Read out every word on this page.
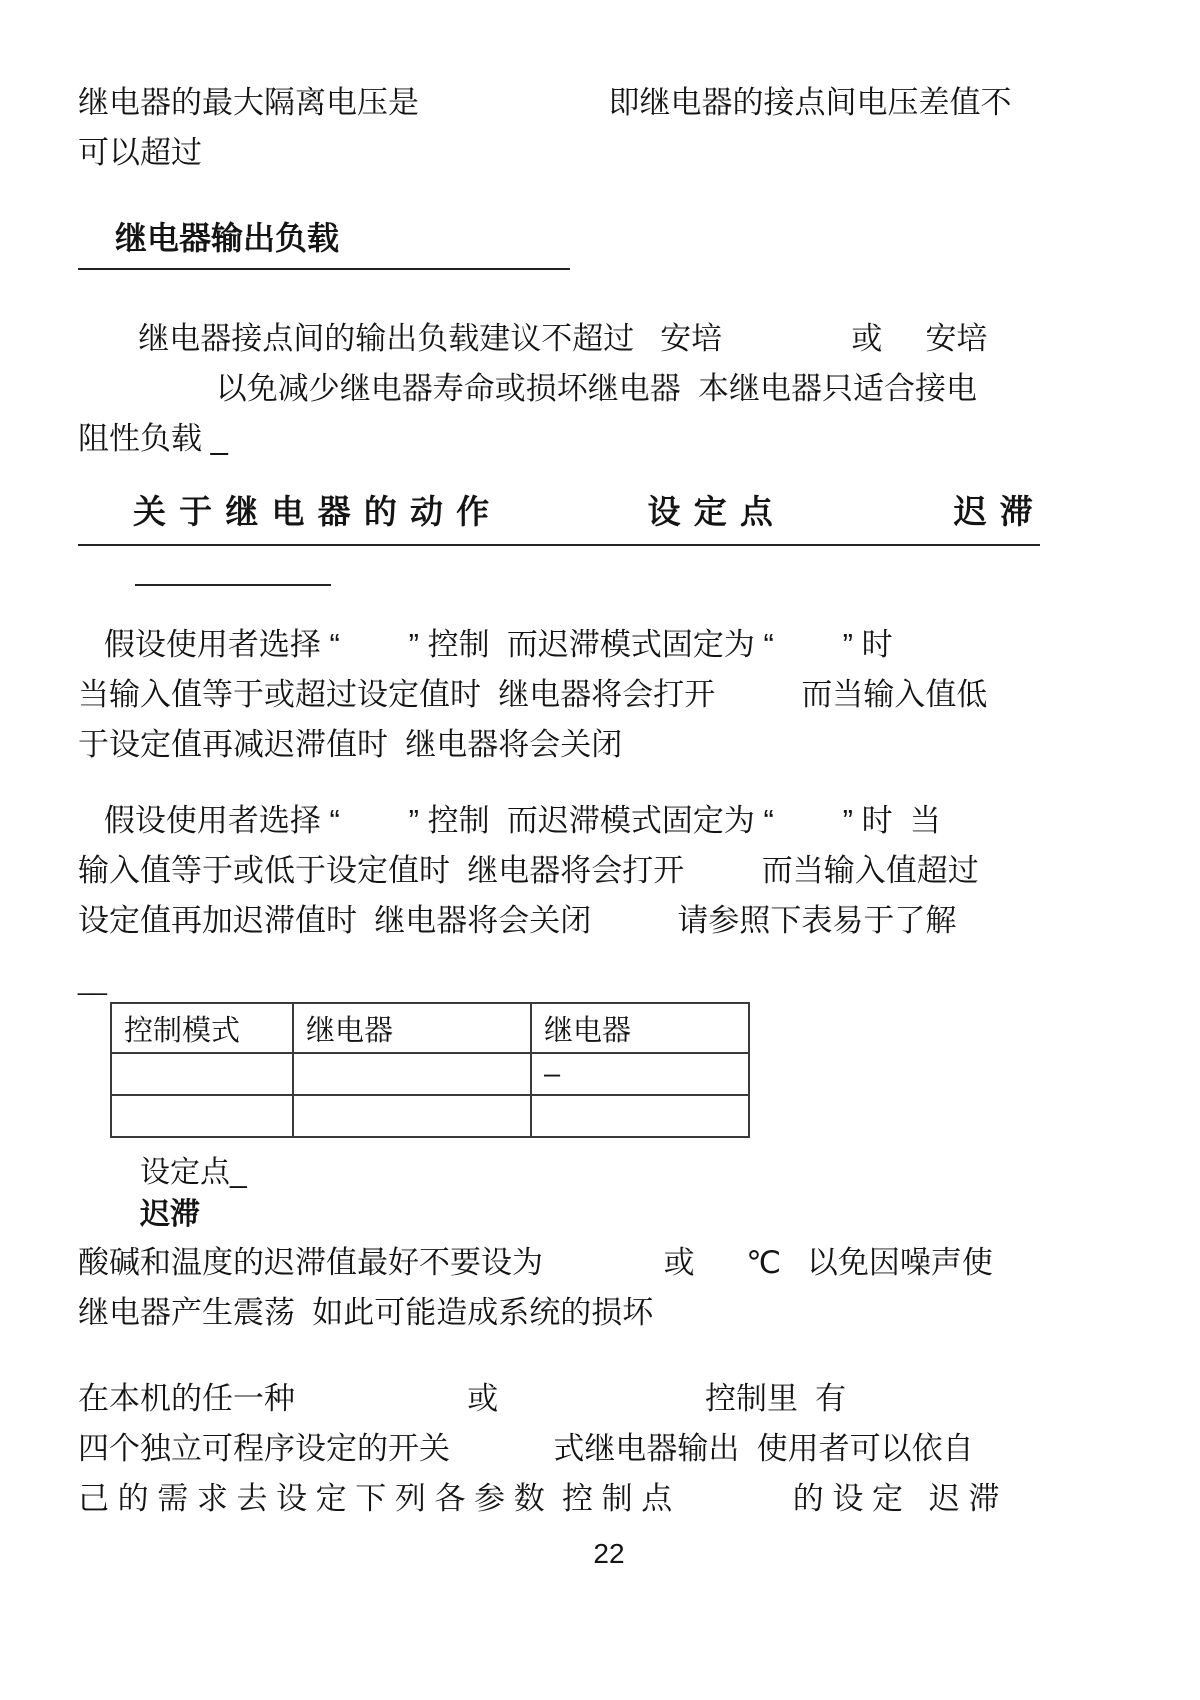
继电器的最大隔离电压是                      即继电器的接点间电压差值不
可以超过
继电器输出负载
继电器接点间的输出负载建议不超过   安培               或     安培
以免减少继电器寿命或损坏继电器  本继电器只适合接电
阻性负载 _
关 于 继 电 器 的 动 作              设 定 点                迟 滞
假设使用者选择 “        ” 控制  而迟滞模式固定为 “        ” 时
当输入值等于或超过设定值时  继电器将会打开          而当输入值低
于设定值再减迟滞值时  继电器将会关闭
假设使用者选择 “        ” 控制  而迟滞模式固定为 “        ” 时  当
输入值等于或低于设定值时  继电器将会打开         而当输入值超过
设定值再加迟滞值时  继电器将会关闭          请参照下表易于了解
__
控制模式	继电器	继电器
		–

设定点_
迟滞
酸碱和温度的迟滞值最好不要设为              或      ℃   以免因噪声使
继电器产生震荡  如此可能造成系统的损坏
在本机的任一种                    或                        控制里  有
四个独立可程序设定的开关            式继电器输出  使用者可以依自
己 的 需 求 去 设 定 下 列 各 参 数  控 制 点              的 设 定   迟 滞
22
